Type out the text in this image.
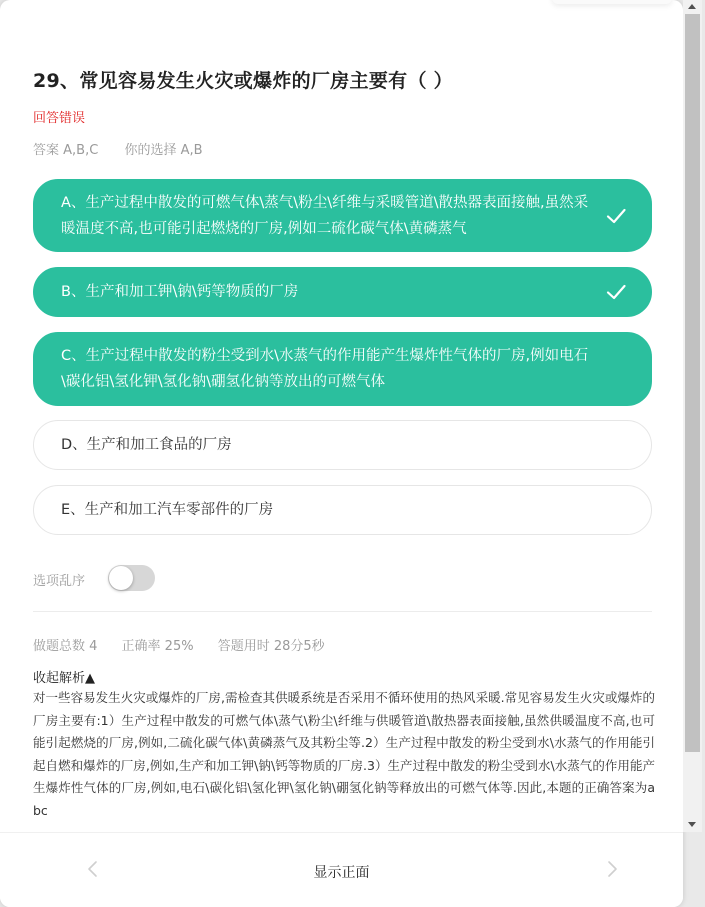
29、常见容易发生火灾或爆炸的厂房主要有（ ）
回答错误
答案 A,B,C 你的选择 A,B
A、生产过程中散发的可燃气体\蒸气\粉尘\纤维与采暖管道\散热器表面接触,虽然采暖温度不高,也可能引起燃烧的厂房,例如二硫化碳气体\黄磷蒸气
B、生产和加工钾\钠\钙等物质的厂房
C、生产过程中散发的粉尘受到水\水蒸气的作用能产生爆炸性气体的厂房,例如电石\碳化铝\氢化钾\氢化钠\硼氢化钠等放出的可燃气体
D、生产和加工食品的厂房
E、生产和加工汽车零部件的厂房
选项乱序
做题总数 4 正确率 25% 答题用时 28分5秒
收起解析▲
对一些容易发生火灾或爆炸的厂房,需检查其供暖系统是否采用不循环使用的热风采暖.常见容易发生火灾或爆炸的厂房主要有:1）生产过程中散发的可燃气体\蒸气\粉尘\纤维与供暖管道\散热器表面接触,虽然供暖温度不高,也可能引起燃烧的厂房,例如,二硫化碳气体\黄磷蒸气及其粉尘等.2）生产过程中散发的粉尘受到水\水蒸气的作用能引起自燃和爆炸的厂房,例如,生产和加工钾\钠\钙等物质的厂房.3）生产过程中散发的粉尘受到水\水蒸气的作用能产生爆炸性气体的厂房,例如,电石\碳化铝\氢化钾\氢化钠\硼氢化钠等释放出的可燃气体等.因此,本题的正确答案为abc
显示正面
